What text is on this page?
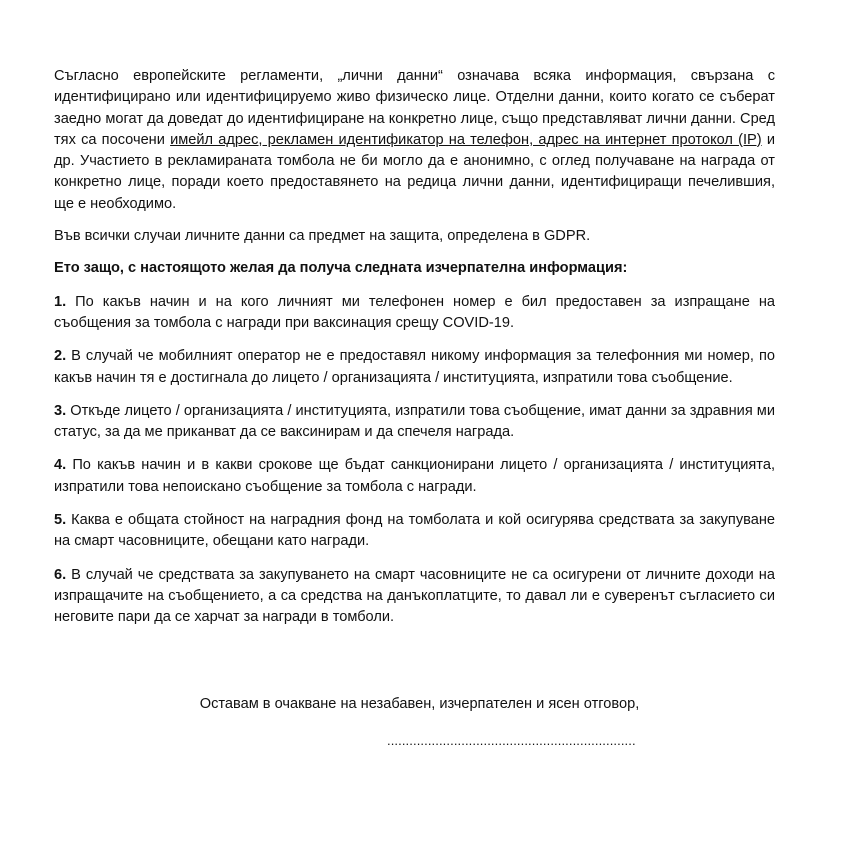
Съгласно европейските регламенти, „лични данни“ означава всяка информация, свързана с идентифицирано или идентифицируемо живо физическо лице. Отделни данни, които когато се съберат заедно могат да доведат до идентифициране на конкретно лице, също представляват лични данни. Сред тях са посочени имейл адрес, рекламен идентификатор на телефон, адрес на интернет протокол (IP) и др. Участието в рекламираната томбола не би могло да е анонимно, с оглед получаване на награда от конкретно лице, поради което предоставянето на редица лични данни, идентифициращи печелившия, ще е необходимо.

Във всички случаи личните данни са предмет на защита, определена в GDPR.

Ето защо, с настоящото желая да получа следната изчерпателна информация:

1. По какъв начин и на кого личният ми телефонен номер е бил предоставен за изпращане на съобщения за томбола с награди при ваксинация срещу COVID-19.

2. В случай че мобилният оператор не е предоставял никому информация за телефонния ми номер, по какъв начин тя е достигнала до лицето / организацията / институцията, изпратили това съобщение.

3. Откъде лицето / организацията / институцията, изпратили това съобщение, имат данни за здравния ми статус, за да ме приканват да се ваксинирам и да спечеля награда.

4. По какъв начин и в какви срокове ще бъдат санкционирани лицето / организацията / институцията, изпратили това непоискано съобщение за томбола с награди.

5. Каква е общата стойност на наградния фонд на томболата и кой осигурява средствата за закупуване на смарт часовниците, обещани като награди.

6. В случай че средствата за закупуването на смарт часовниците не са осигурени от личните доходи на изпращачите на съобщението, а са средства на данъкоплатците, то давал ли е суверенът съгласието си неговите пари да се харчат за награди в томболи.

Оставам в очакване на незабавен, изчерпателен и ясен отговор,

...................................................................
